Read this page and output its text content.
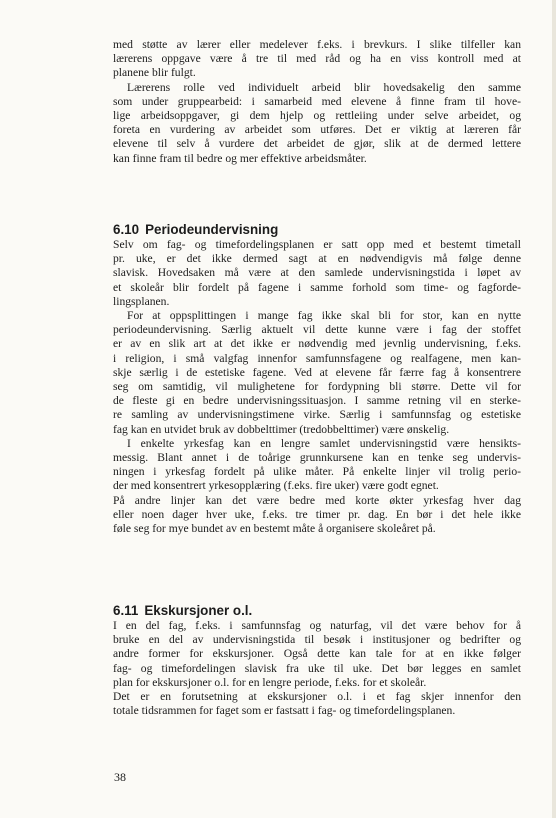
med støtte av lærer eller medelever f.eks. i brevkurs. I slike tilfeller kan
lærerens oppgave være å tre til med råd og ha en viss kontroll med at
planene blir fulgt.
Lærerens rolle ved individuelt arbeid blir hovedsakelig den samme
som under gruppearbeid: i samarbeid med elevene å finne fram til hove-
lige arbeidsoppgaver, gi dem hjelp og rettleiing under selve arbeidet, og
foreta en vurdering av arbeidet som utføres. Det er viktig at læreren får
elevene til selv å vurdere det arbeidet de gjør, slik at de dermed lettere
kan finne fram til bedre og mer effektive arbeidsmåter.
6.10 Periodeundervisning
Selv om fag- og timefordelingsplanen er satt opp med et bestemt timetall
pr. uke, er det ikke dermed sagt at en nødvendigvis må følge denne
slavisk. Hovedsaken må være at den samlede undervisningstida i løpet av
et skoleår blir fordelt på fagene i samme forhold som time- og fagforde-
lingsplanen.
For at oppsplittingen i mange fag ikke skal bli for stor, kan en nytte
periodeundervisning. Særlig aktuelt vil dette kunne være i fag der stoffet
er av en slik art at det ikke er nødvendig med jevnlig undervisning, f.eks.
i religion, i små valgfag innenfor samfunnsfagene og realfagene, men kan-
skje særlig i de estetiske fagene. Ved at elevene får færre fag å konsentrere
seg om samtidig, vil mulighetene for fordypning bli større. Dette vil for
de fleste gi en bedre undervisningssituasjon. I samme retning vil en sterke-
re samling av undervisningstimene virke. Særlig i samfunnsfag og estetiske
fag kan en utvidet bruk av dobbelttimer (tredobbelttimer) være ønskelig.
I enkelte yrkesfag kan en lengre samlet undervisningstid være hensikts-
messig. Blant annet i de toårige grunnkursene kan en tenke seg undervis-
ningen i yrkesfag fordelt på ulike måter. På enkelte linjer vil trolig perio-
der med konsentrert yrkesopplæring (f.eks. fire uker) være godt egnet.
På andre linjer kan det være bedre med korte økter yrkesfag hver dag
eller noen dager hver uke, f.eks. tre timer pr. dag. En bør i det hele ikke
føle seg for mye bundet av en bestemt måte å organisere skoleåret på.
6.11 Ekskursjoner o.l.
I en del fag, f.eks. i samfunnsfag og naturfag, vil det være behov for å
bruke en del av undervisningstida til besøk i institusjoner og bedrifter og
andre former for ekskursjoner. Også dette kan tale for at en ikke følger
fag- og timefordelingen slavisk fra uke til uke. Det bør legges en samlet
plan for ekskursjoner o.l. for en lengre periode, f.eks. for et skoleår.
Det er en forutsetning at ekskursjoner o.l. i et fag skjer innenfor den
totale tidsrammen for faget som er fastsatt i fag- og timefordelingsplanen.
38
